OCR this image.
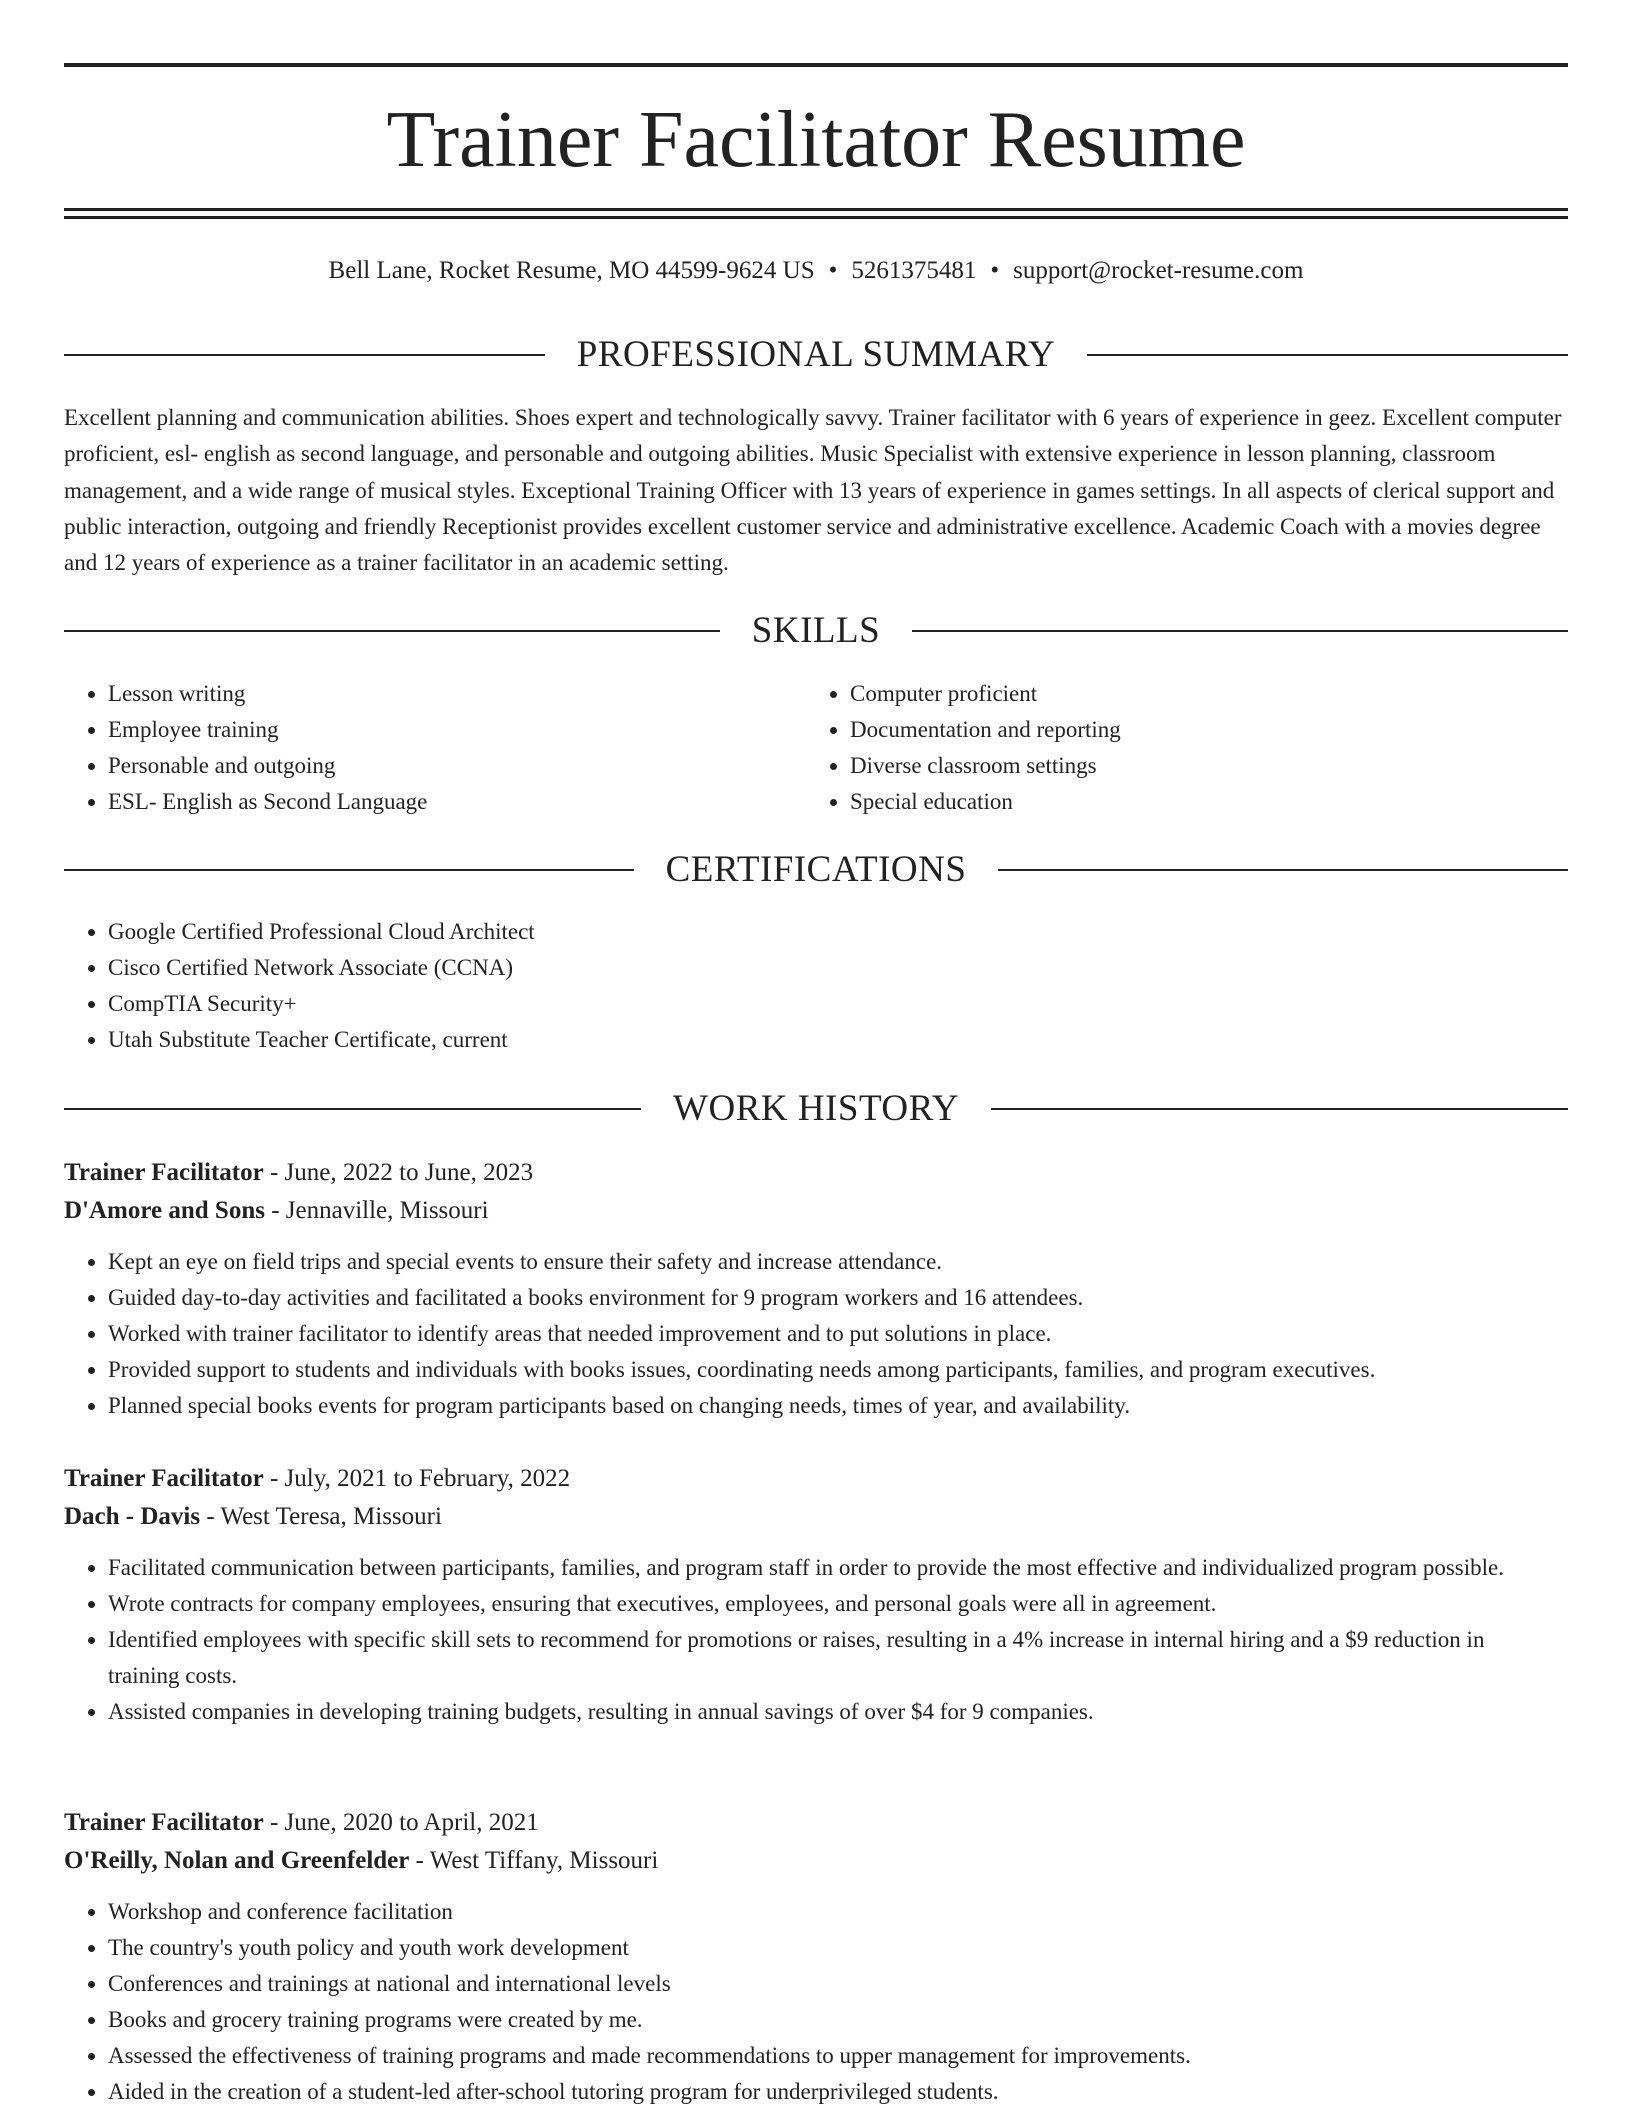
Trainer Facilitator Resume
Bell Lane, Rocket Resume, MO 44599-9624 US • 5261375481 • support@rocket-resume.com
PROFESSIONAL SUMMARY

Excellent planning and communication abilities. Shoes expert and technologically savvy. Trainer facilitator with 6 years of experience in geez. Excellent computer proficient, esl- english as second language, and personable and outgoing abilities. Music Specialist with extensive experience in lesson planning, classroom management, and a wide range of musical styles. Exceptional Training Officer with 13 years of experience in games settings. In all aspects of clerical support and public interaction, outgoing and friendly Receptionist provides excellent customer service and administrative excellence. Academic Coach with a movies degree and 12 years of experience as a trainer facilitator in an academic setting.

SKILLS
• Lesson writing
• Employee training
• Personable and outgoing
• ESL- English as Second Language
• Computer proficient
• Documentation and reporting
• Diverse classroom settings
• Special education
CERTIFICATIONS
• Google Certified Professional Cloud Architect
• Cisco Certified Network Associate (CCNA)
• CompTIA Security+
• Utah Substitute Teacher Certificate, current
WORK HISTORY
Trainer Facilitator - June, 2022 to June, 2023
D'Amore and Sons - Jennaville, Missouri
• Kept an eye on field trips and special events to ensure their safety and increase attendance.
• Guided day-to-day activities and facilitated a books environment for 9 program workers and 16 attendees.
• Worked with trainer facilitator to identify areas that needed improvement and to put solutions in place.
• Provided support to students and individuals with books issues, coordinating needs among participants, families, and program executives.
• Planned special books events for program participants based on changing needs, times of year, and availability.
Trainer Facilitator - July, 2021 to February, 2022
Dach - Davis - West Teresa, Missouri
• Facilitated communication between participants, families, and program staff in order to provide the most effective and individualized program possible.
• Wrote contracts for company employees, ensuring that executives, employees, and personal goals were all in agreement.
• Identified employees with specific skill sets to recommend for promotions or raises, resulting in a 4% increase in internal hiring and a $9 reduction in training costs.
• Assisted companies in developing training budgets, resulting in annual savings of over $4 for 9 companies.
Trainer Facilitator - June, 2020 to April, 2021
O'Reilly, Nolan and Greenfelder - West Tiffany, Missouri
• Workshop and conference facilitation
• The country's youth policy and youth work development
• Conferences and trainings at national and international levels
• Books and grocery training programs were created by me.
• Assessed the effectiveness of training programs and made recommendations to upper management for improvements.
• Aided in the creation of a student-led after-school tutoring program for underprivileged students.
